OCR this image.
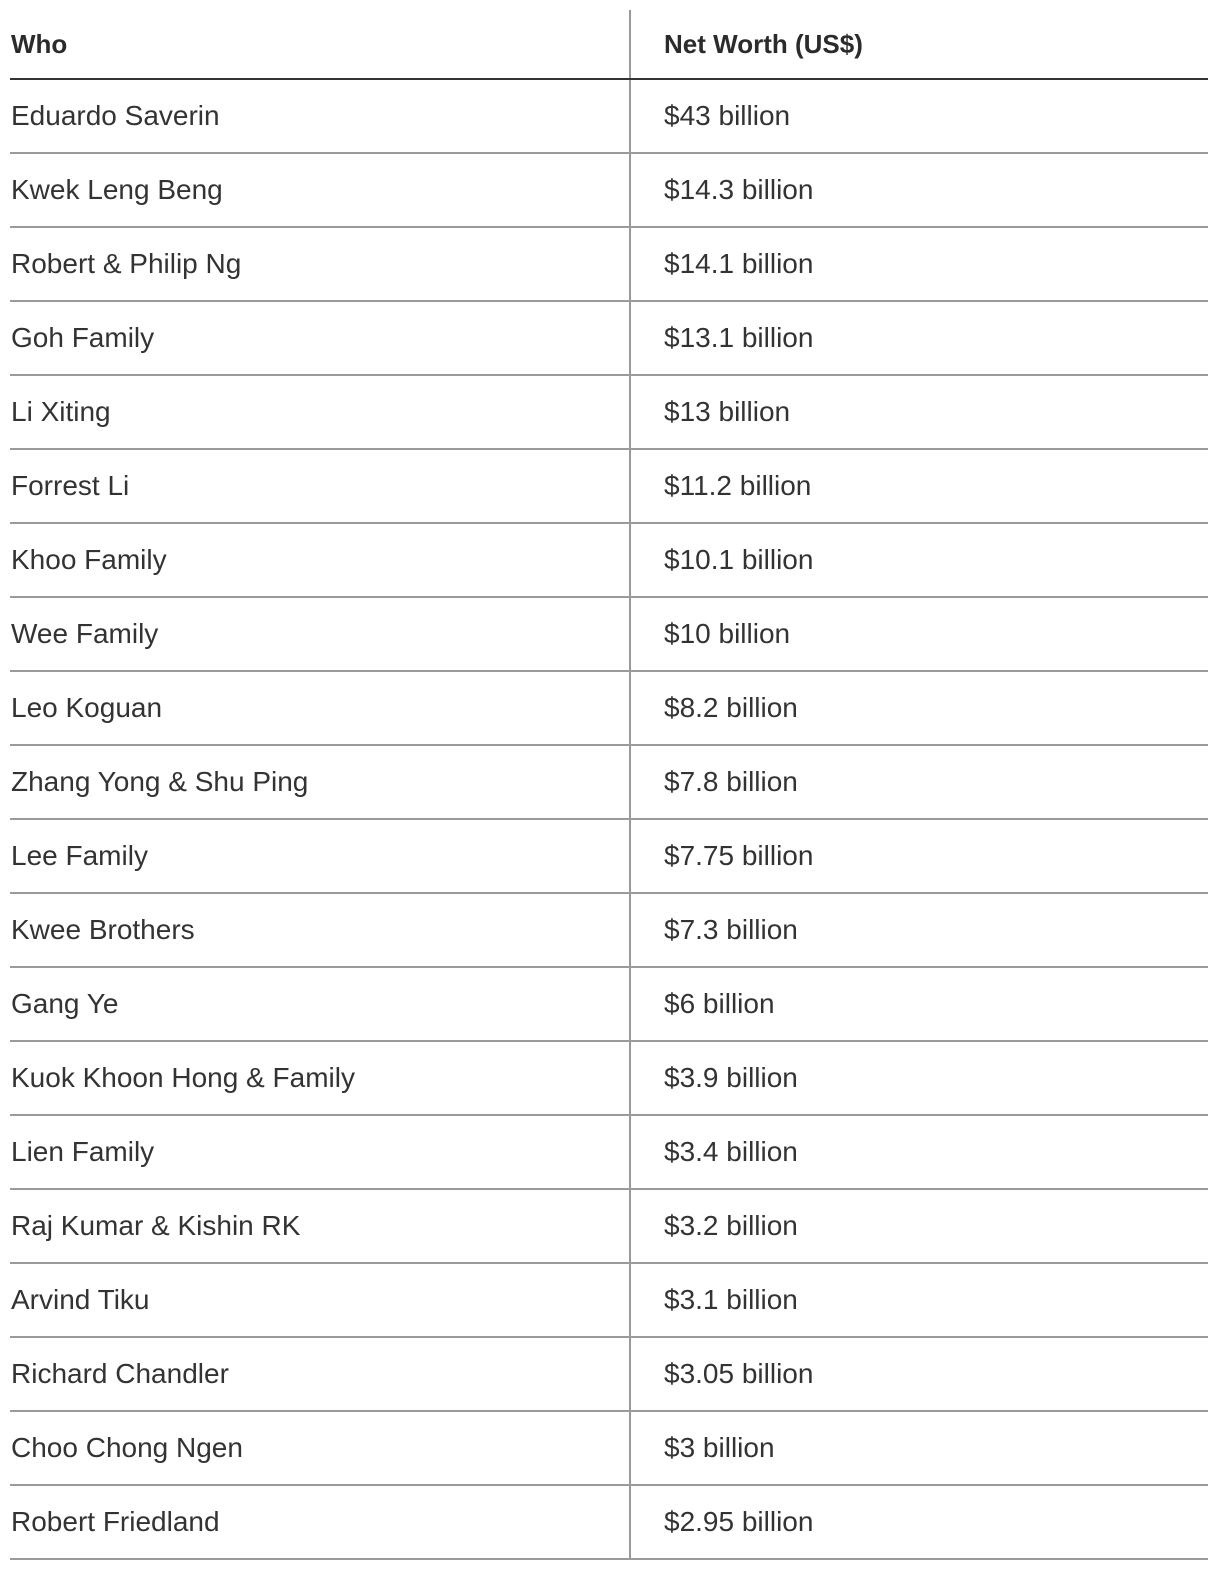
Who	Net Worth (US$)
Eduardo Saverin	$43 billion
Kwek Leng Beng	$14.3 billion
Robert & Philip Ng	$14.1 billion
Goh Family	$13.1 billion
Li Xiting	$13 billion
Forrest Li	$11.2 billion
Khoo Family	$10.1 billion
Wee Family	$10 billion
Leo Koguan	$8.2 billion
Zhang Yong & Shu Ping	$7.8 billion
Lee Family	$7.75 billion
Kwee Brothers	$7.3 billion
Gang Ye	$6 billion
Kuok Khoon Hong & Family	$3.9 billion
Lien Family	$3.4 billion
Raj Kumar & Kishin RK	$3.2 billion
Arvind Tiku	$3.1 billion
Richard Chandler	$3.05 billion
Choo Chong Ngen	$3 billion
Robert Friedland	$2.95 billion
